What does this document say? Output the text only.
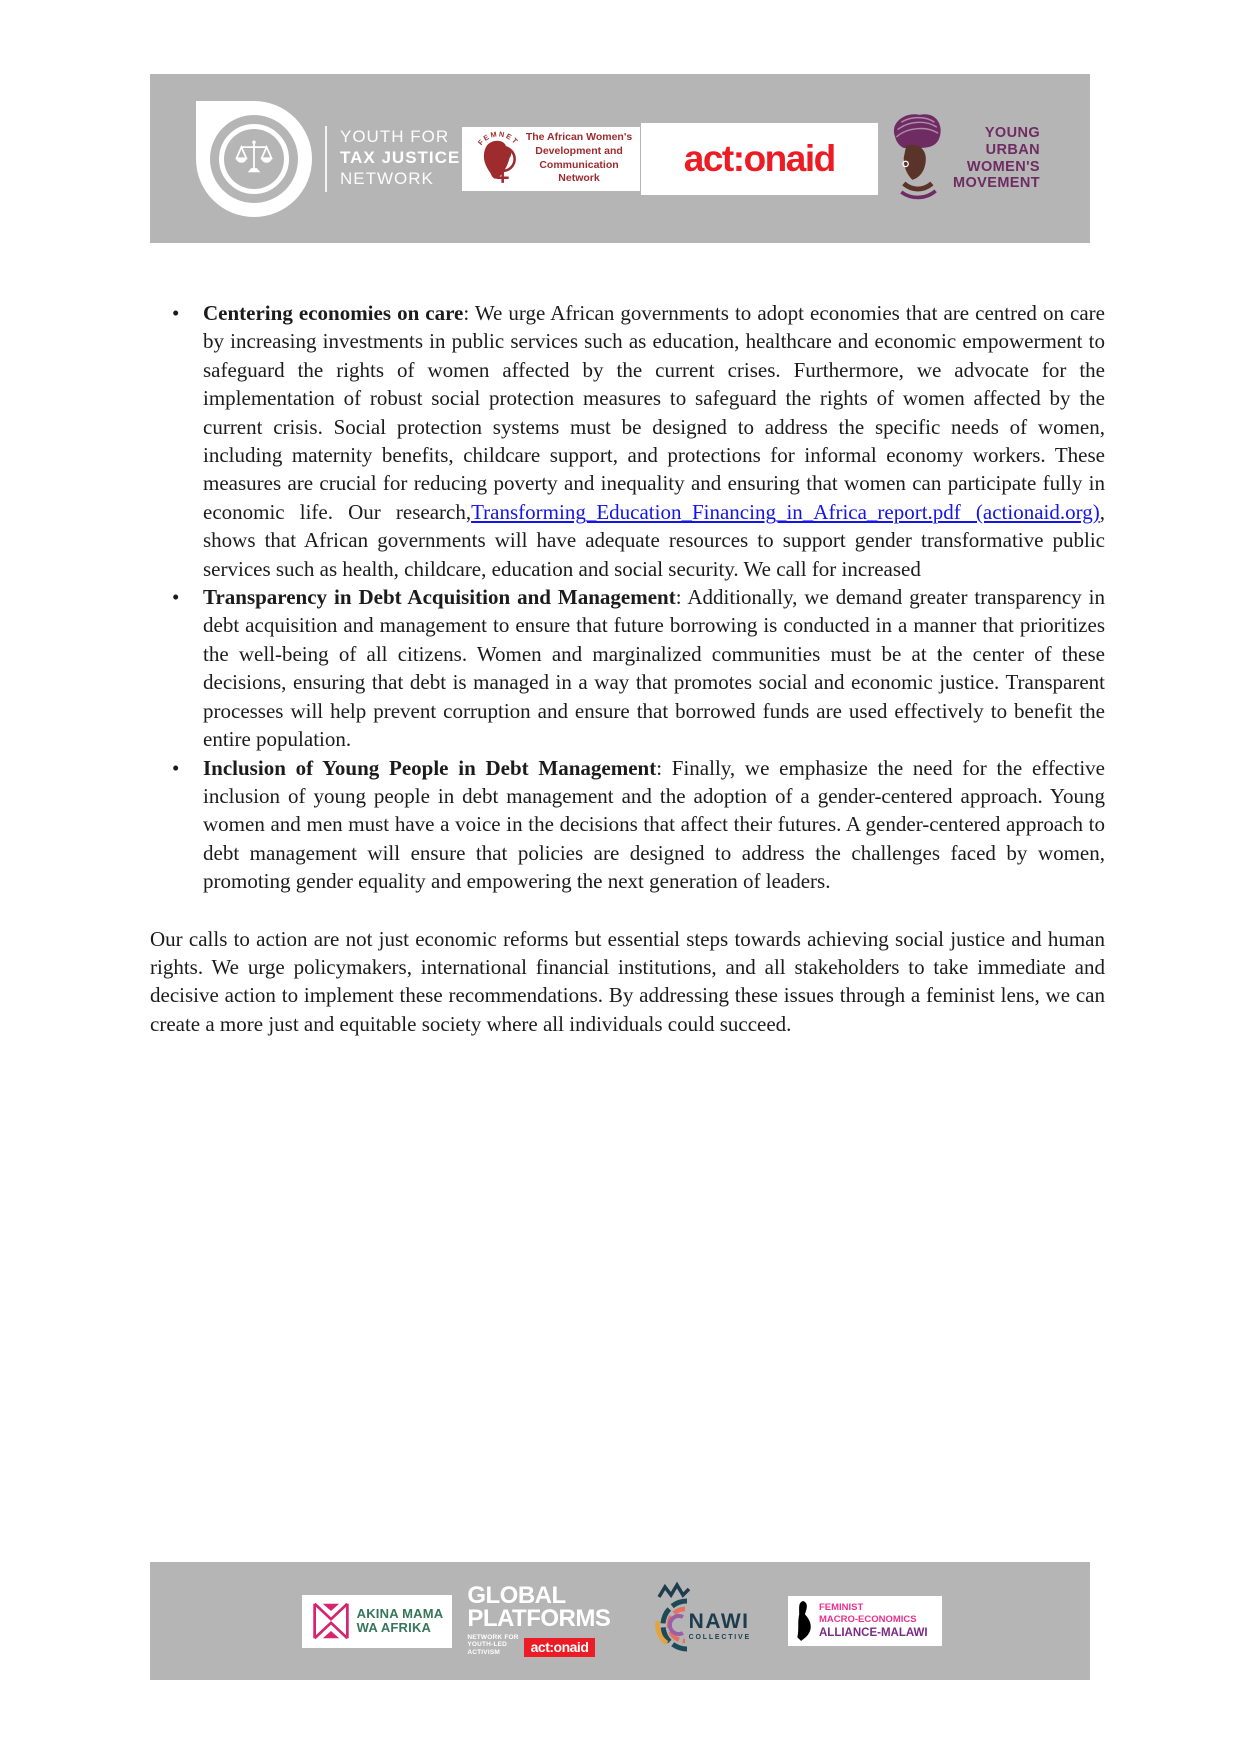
YOUTH FOR
TAX JUSTICE
NETWORK
FEMNET The African Women's
Development and
Communication Network	act:onaid
YOUNG
URBAN
WOMEN'S
MOVEMENT
• Centering economies on care: We urge African governments to adopt economies that are centred on care by increasing investments in public services such as education, healthcare and economic empowerment to safeguard the rights of women affected by the current crises. Furthermore, we advocate for the implementation of robust social protection measures to safeguard the rights of women affected by the current crisis. Social protection systems must be designed to address the specific needs of women, including maternity benefits, childcare support, and protections for informal economy workers. These measures are crucial for reducing poverty and inequality and ensuring that women can participate fully in economic life. Our research,Transforming_Education_Financing_in_Africa_report.pdf (actionaid.org), shows that African governments will have adequate resources to support gender transformative public services such as health, childcare, education and social security. We call for increased
• Transparency in Debt Acquisition and Management: Additionally, we demand greater transparency in debt acquisition and management to ensure that future borrowing is conducted in a manner that prioritizes the well-being of all citizens. Women and marginalized communities must be at the center of these decisions, ensuring that debt is managed in a way that promotes social and economic justice. Transparent processes will help prevent corruption and ensure that borrowed funds are used effectively to benefit the entire population.
• Inclusion of Young People in Debt Management: Finally, we emphasize the need for the effective inclusion of young people in debt management and the adoption of a gender-centered approach. Young women and men must have a voice in the decisions that affect their futures. A gender-centered approach to debt management will ensure that policies are designed to address the challenges faced by women, promoting gender equality and empowering the next generation of leaders.

Our calls to action are not just economic reforms but essential steps towards achieving social justice and human rights. We urge policymakers, international financial institutions, and all stakeholders to take immediate and decisive action to implement these recommendations. By addressing these issues through a feminist lens, we can create a more just and equitable society where all individuals could succeed.

AKINA MAMA
WA AFRIKA
GLOBAL
PLATFORMS
NETWORK FOR
YOUTH-LED
ACTIVISM	act:onaid
NAWI
COLLECTIVE
FEMINIST
MACRO-ECONOMICS
ALLIANCE-MALAWI
